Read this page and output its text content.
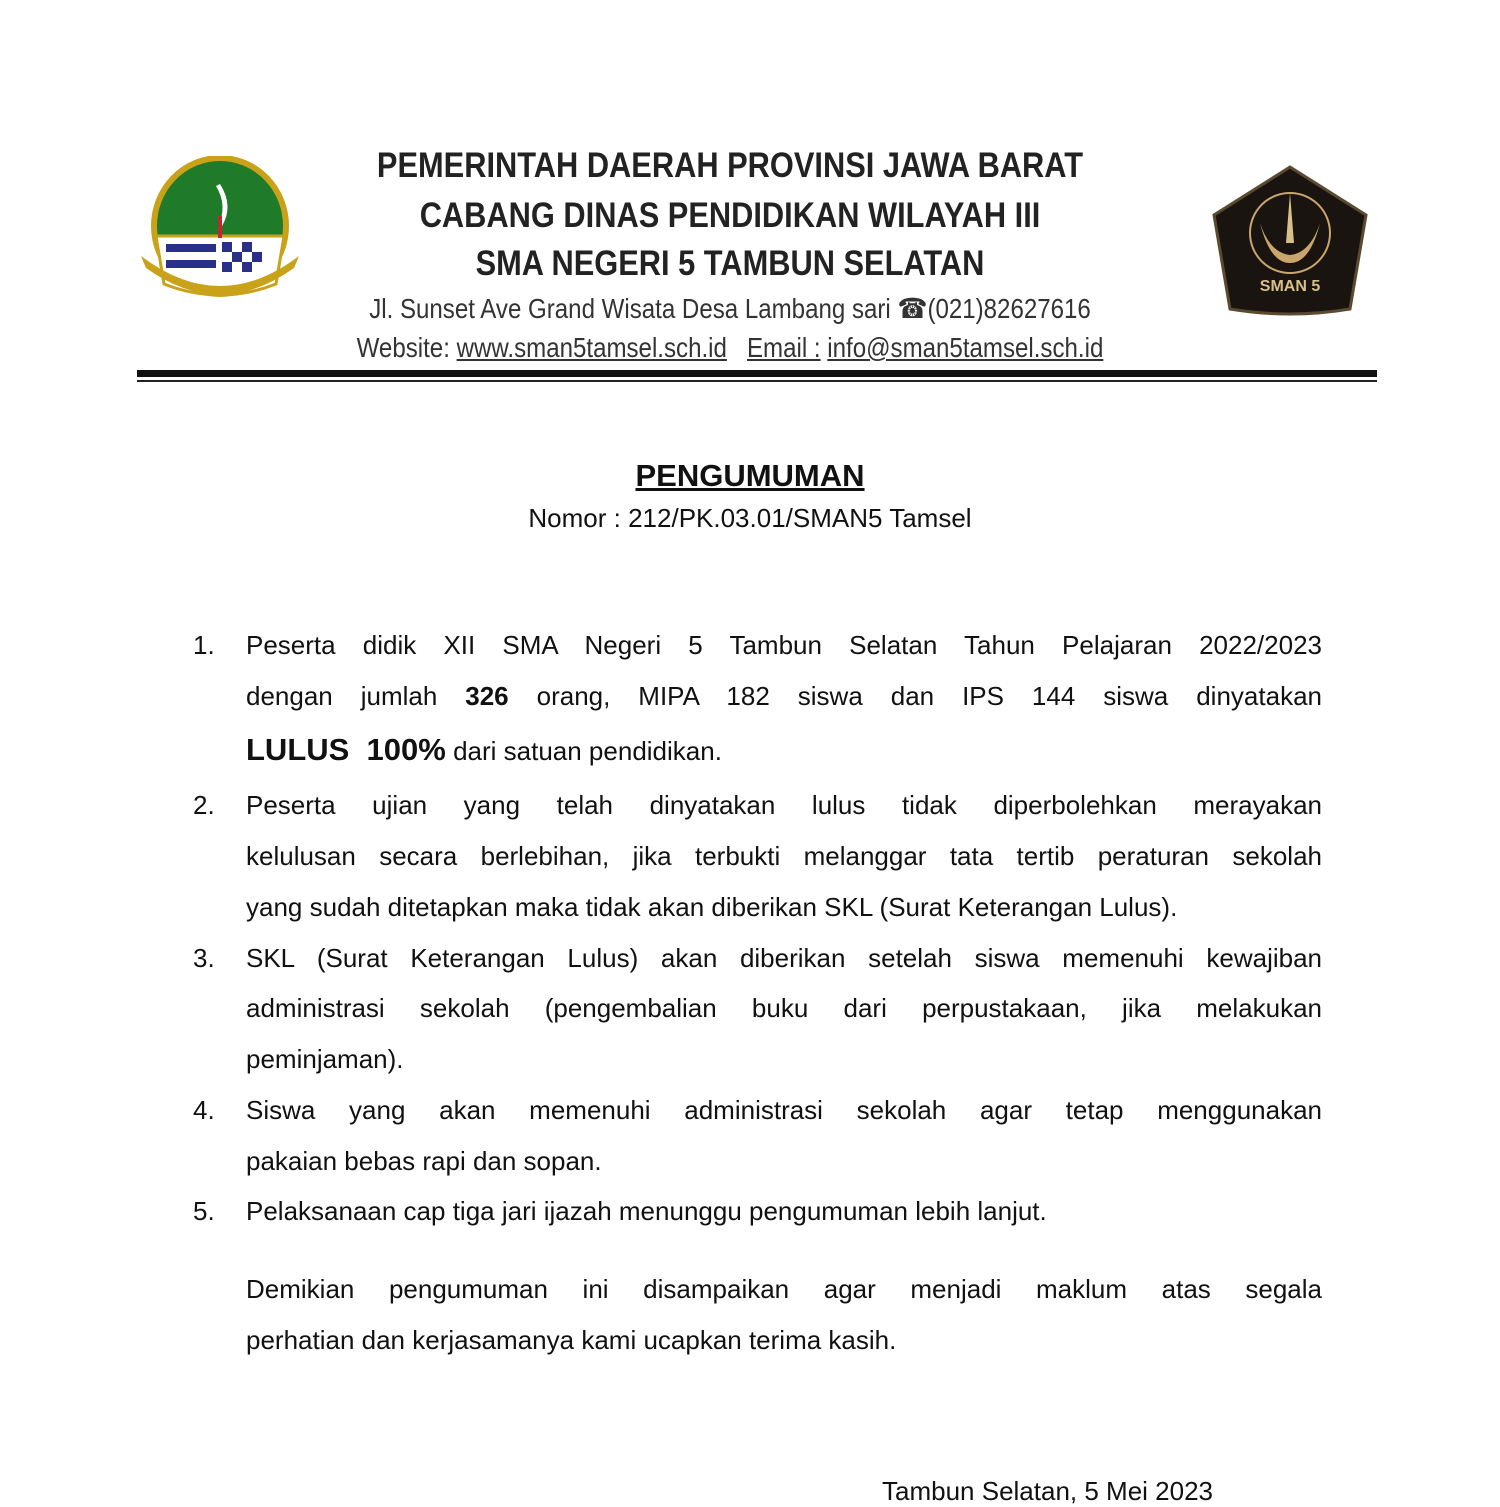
PEMERINTAH DAERAH PROVINSI JAWA BARAT
CABANG DINAS PENDIDIKAN WILAYAH III
SMA NEGERI 5 TAMBUN SELATAN
Jl. Sunset Ave Grand Wisata Desa Lambang sari ☎(021)82627616
Website: www.sman5tamsel.sch.id Email : info@sman5tamsel.sch.id
SMAN 5
PENGUMUMAN
Nomor : 212/PK.03.01/SMAN5 Tamsel
1. Peserta didik XII SMA Negeri 5 Tambun Selatan Tahun Pelajaran 2022/2023
dengan jumlah 326 orang, MIPA 182 siswa dan IPS 144 siswa dinyatakan
LULUS  100% dari satuan pendidikan.
2. Peserta ujian yang telah dinyatakan lulus tidak diperbolehkan merayakan
kelulusan secara berlebihan, jika terbukti melanggar tata tertib peraturan sekolah
yang sudah ditetapkan maka tidak akan diberikan SKL (Surat Keterangan Lulus).
3. SKL (Surat Keterangan Lulus) akan diberikan setelah siswa memenuhi kewajiban
administrasi sekolah (pengembalian buku dari perpustakaan, jika melakukan
peminjaman).
4. Siswa yang akan memenuhi administrasi sekolah agar tetap menggunakan
pakaian bebas rapi dan sopan.
5. Pelaksanaan cap tiga jari ijazah menunggu pengumuman lebih lanjut.
Demikian pengumuman ini disampaikan agar menjadi maklum atas segala
perhatian dan kerjasamanya kami ucapkan terima kasih.
Tambun Selatan, 5 Mei 2023
